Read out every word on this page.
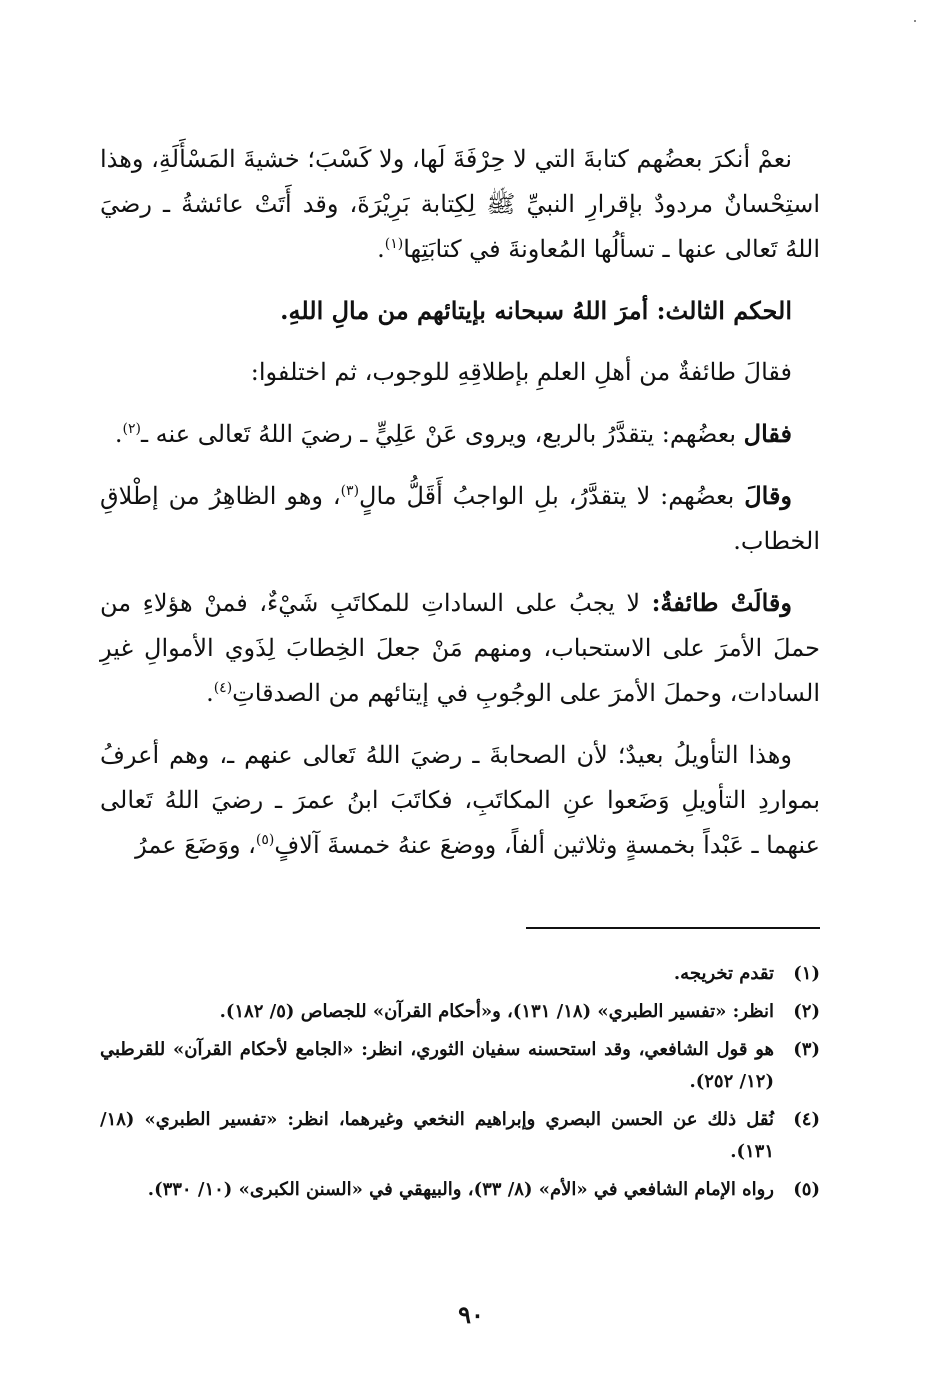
نعمْ أنكرَ بعضُهم كتابةَ التي لا حِرْفَةَ لَها، ولا كَسْبَ؛ خشيةَ المَسْأَلَةِ، وهذا استِحْسانٌ مردودٌ بإقرارِ النبيِّ ﷺ لِكِتابة بَرِيْرَةَ، وقد أَتَتْ عائشةُ ـ رضيَ اللهُ تَعالى عنها ـ تسألُها المُعاونةَ في كتابَتِها$^{(١)}$.

الحكم الثالث: أمرَ اللهُ سبحانه بإيتائهم من مالِ اللهِ.

فقالَ طائفةٌ من أهلِ العلمِ بإطلاقِهِ للوجوب، ثم اختلفوا:

فقال بعضُهم: يتقدَّرُ بالربع، ويروى عَنْ عَلِيٍّ ـ رضيَ اللهُ تَعالى عنه ـ$^{(٢)}$.

وقالَ بعضُهم: لا يتقدَّرُ، بلِ الواجبُ أَقَلُّ مالٍ$^{(٣)}$، وهو الظاهِرُ من إطْلاقِ الخطاب.

وقالَتْ طائفةٌ: لا يجبُ على الساداتِ للمكاتَبِ شَيْءٌ، فمنْ هؤلاءِ من حملَ الأمرَ على الاستحباب، ومنهم مَنْ جعلَ الخِطابَ لِذَوي الأموالِ غيرِ السادات، وحملَ الأمرَ على الوجُوبِ في إيتائهم من الصدقاتِ$^{(٤)}$.

وهذا التأويلُ بعيدٌ؛ لأن الصحابةَ ـ رضيَ اللهُ تَعالى عنهم ـ، وهم أعرفُ بمواردِ التأويلِ وَضَعوا عنِ المكاتَبِ، فكاتَبَ ابنُ عمرَ ـ رضيَ اللهُ تَعالى عنهما ـ عَبْداً بخمسةٍ وثلاثين ألفاً، ووضعَ عنهُ خمسةَ آلافٍ$^{(٥)}$، ووَضَعَ عمرُ

(١)
تقدم تخريجه.
(٢)
انظر: «تفسير الطبري» (١٨/ ١٣١)، و«أحكام القرآن» للجصاص (٥/ ١٨٢).
(٣)
هو قول الشافعي، وقد استحسنه سفيان الثوري، انظر: «الجامع لأحكام القرآن» للقرطبي (١٢/ ٢٥٢).
(٤)
نُقل ذلك عن الحسن البصري وإبراهيم النخعي وغيرهما، انظر: «تفسير الطبري» (١٨/ ١٣١).
(٥)
رواه الإمام الشافعي في «الأم» (٨/ ٣٣)، والبيهقي في «السنن الكبرى» (١٠/ ٣٣٠).
٩٠
